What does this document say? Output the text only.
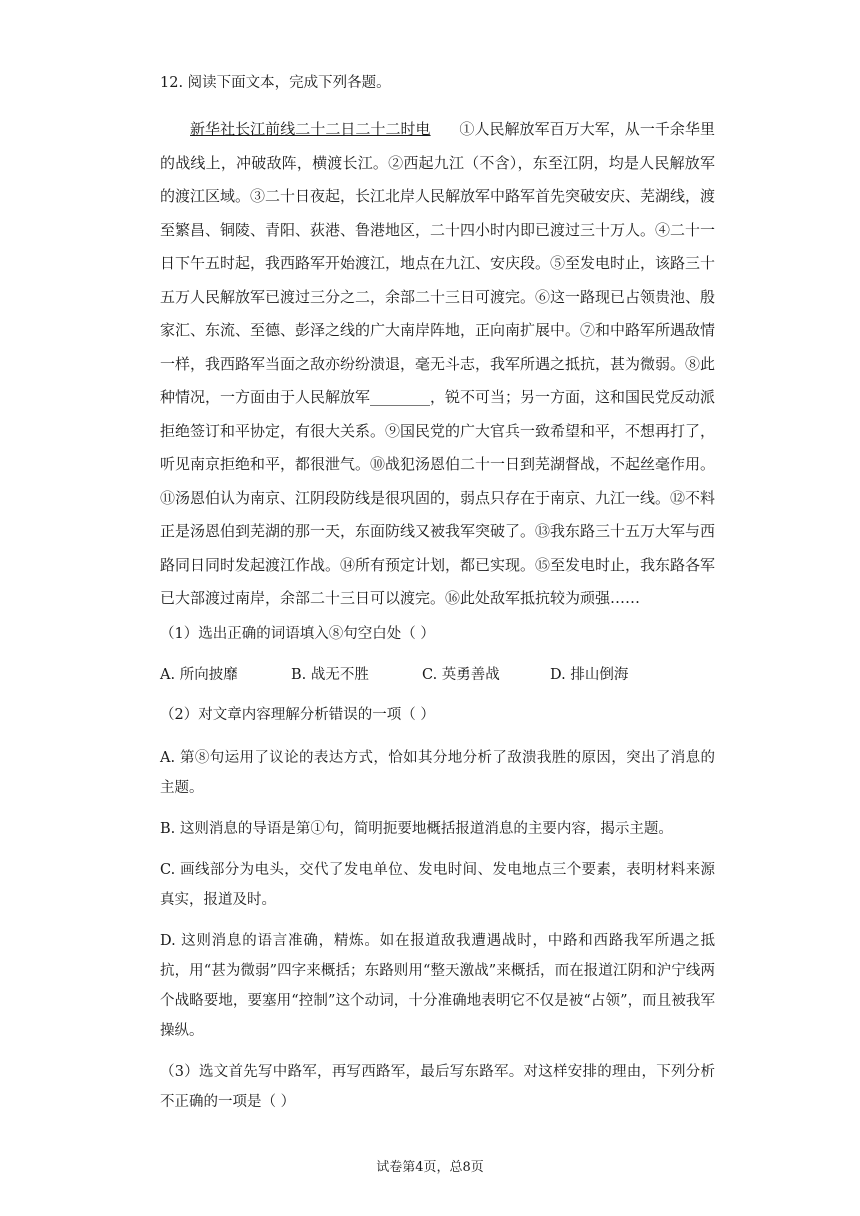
12. 阅读下面文本，完成下列各题。

新华社长江前线二十二日二十二时电 ①人民解放军百万大军，从一千余华里的战线上，冲破敌阵，横渡长江。②西起九江（不含），东至江阴，均是人民解放军的渡江区域。③二十日夜起，长江北岸人民解放军中路军首先突破安庆、芜湖线，渡至繁昌、铜陵、青阳、荻港、鲁港地区，二十四小时内即已渡过三十万人。④二十一日下午五时起，我西路军开始渡江，地点在九江、安庆段。⑤至发电时止，该路三十五万人民解放军已渡过三分之二，余部二十三日可渡完。⑥这一路现已占领贵池、殷家汇、东流、至德、彭泽之线的广大南岸阵地，正向南扩展中。⑦和中路军所遇敌情一样，我西路军当面之敌亦纷纷溃退，毫无斗志，我军所遇之抵抗，甚为微弱。⑧此种情况，一方面由于人民解放军________，锐不可当；另一方面，这和国民党反动派拒绝签订和平协定，有很大关系。⑨国民党的广大官兵一致希望和平，不想再打了，听见南京拒绝和平，都很泄气。⑩战犯汤恩伯二十一日到芜湖督战，不起丝毫作用。⑪汤恩伯认为南京、江阴段防线是很巩固的，弱点只存在于南京、九江一线。⑫不料正是汤恩伯到芜湖的那一天，东面防线又被我军突破了。⑬我东路三十五万大军与西路同日同时发起渡江作战。⑭所有预定计划，都已实现。⑮至发电时止，我东路各军已大部渡过南岸，余部二十三日可以渡完。⑯此处敌军抵抗较为顽强……

（1）选出正确的词语填入⑧句空白处（ ）

A. 所向披靡	B. 战无不胜	C. 英勇善战	D. 排山倒海

（2）对文章内容理解分析错误的一项（ ）

A. 第⑧句运用了议论的表达方式，恰如其分地分析了敌溃我胜的原因，突出了消息的主题。

B. 这则消息的导语是第①句，简明扼要地概括报道消息的主要内容，揭示主题。

C. 画线部分为电头，交代了发电单位、发电时间、发电地点三个要素，表明材料来源真实，报道及时。

D. 这则消息的语言准确，精炼。如在报道敌我遭遇战时，中路和西路我军所遇之抵抗，用“甚为微弱”四字来概括；东路则用“整天激战”来概括，而在报道江阴和沪宁线两个战略要地，要塞用“控制”这个动词，十分准确地表明它不仅是被“占领”，而且被我军操纵。

（3）选文首先写中路军，再写西路军，最后写东路军。对这样安排的理由，下列分析不正确的一项是（ ）

试卷第4页，总8页
